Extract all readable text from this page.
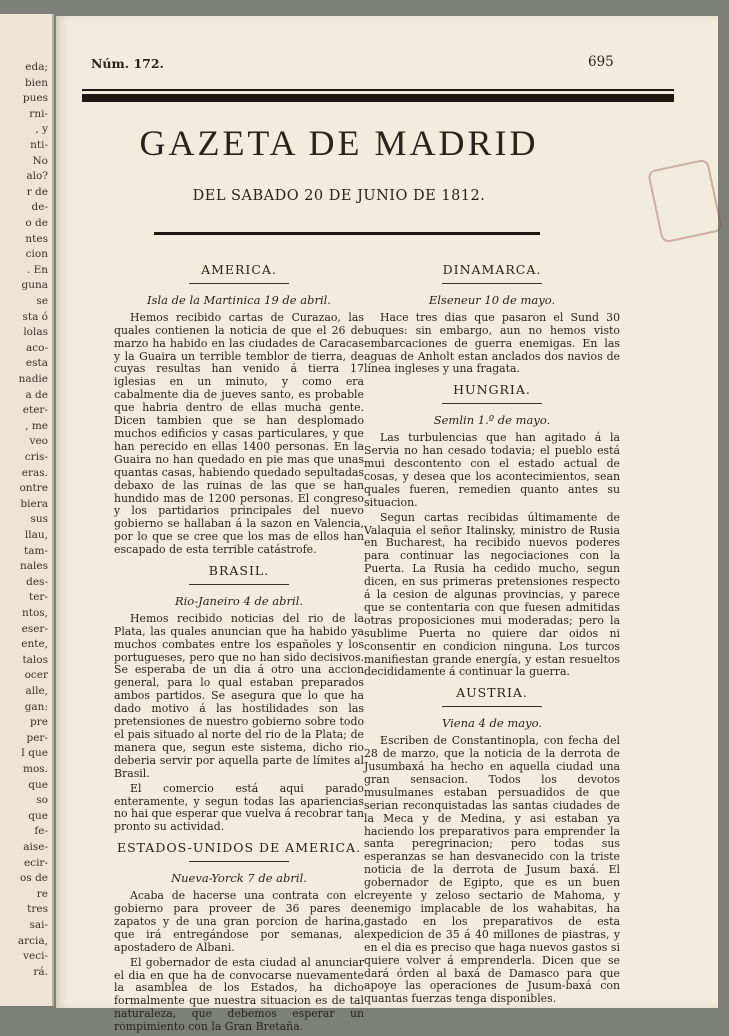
eda;
bien
pues
rni-
, y
nti-
No
alo?
r de
de-
o de
ntes
cion
. En
guna
se
sta ó
lolas
aco-
esta
nadie
a de
eter-
, me
veo
cris-
eras.
ontre
biera
sus
llau,
tam-
nales
des-
ter-
ntos,
eser-
ente,
talos
ocer
alle,
gan:
pre
per-
I que
mos.
que
so
que
fe-
aise-
ecir-
os de
re
tres
sai-
arcia,
veci-
rá.
Núm. 172.	695
GAZETA DE MADRID
DEL SABADO 20 DE JUNIO DE 1812.
AMERICA.
Isla de la Martinica 19 de abril.

Hemos recibido cartas de Curazao, las quales contienen la noticia de que el 26 de marzo ha habido en las ciudades de Caracas y la Guaira un terrible temblor de tierra, de cuyas resultas han venido á tierra 17 iglesias en un minuto, y como era cabalmente dia de jueves santo, es probable que habria dentro de ellas mucha gente. Dicen tambien que se han desplomado muchos edificios y casas particulares, y que han perecido en ellas 1400 personas. En la Guaira no han quedado en pie mas que unas quantas casas, habiendo quedado sepultadas debaxo de las ruinas de las que se han hundido mas de 1200 personas. El congreso y los partidarios principales del nuevo gobierno se hallaban á la sazon en Valencia, por lo que se cree que los mas de ellos han escapado de esta terrible catástrofe.

BRASIL.
Rio-Janeiro 4 de abril.

Hemos recibido noticias del rio de la Plata, las quales anuncian que ha habido ya muchos combates entre los españoles y los portugueses, pero que no han sido decisivos. Se esperaba de un dia á otro una accion general, para lo qual estaban preparados ambos partidos. Se asegura que lo que ha dado motivo á las hostilidades son las pretensiones de nuestro gobierno sobre todo el pais situado al norte del rio de la Plata; de manera que, segun este sistema, dicho rio deberia servir por aquella parte de límites al Brasil.

El comercio está aqui parado enteramente, y segun todas las apariencias no hai que esperar que vuelva á recobrar tan pronto su actividad.

ESTADOS-UNIDOS DE AMERICA.
Nueva-Yorck 7 de abril.

Acaba de hacerse una contrata con el gobierno para proveer de 36 pares de zapatos y de una gran porcion de harina, que irá entregándose por semanas, al apostadero de Albani.

El gobernador de esta ciudad al anunciar el dia en que ha de convocarse nuevamente la asamblea de los Estados, ha dicho formalmente que nuestra situacion es de tal naturaleza, que debemos esperar un rompimiento con la Gran Bretaña.

DINAMARCA.
Elseneur 10 de mayo.

Hace tres dias que pasaron el Sund 30 buques: sin embargo, aun no hemos visto embarcaciones de guerra enemigas. En las aguas de Anholt estan anclados dos navios de línea ingleses y una fragata.

HUNGRIA.
Semlin 1.º de mayo.

Las turbulencias que han agitado á la Servia no han cesado todavia; el pueblo está mui descontento con el estado actual de cosas, y desea que los acontecimientos, sean quales fueren, remedien quanto antes su situacion.

Segun cartas recibidas últimamente de Valaquia el señor Italinsky, ministro de Rusia en Bucharest, ha recibido nuevos poderes para continuar las negociaciones con la Puerta. La Rusia ha cedido mucho, segun dicen, en sus primeras pretensiones respecto á la cesion de algunas provincias, y parece que se contentaria con que fuesen admitidas otras proposiciones mui moderadas; pero la sublime Puerta no quiere dar oidos ni consentir en condicion ninguna. Los turcos manifiestan grande energía, y estan resueltos decididamente á continuar la guerra.

AUSTRIA.
Viena 4 de mayo.

Escriben de Constantinopla, con fecha del 28 de marzo, que la noticia de la derrota de Jusumbaxá ha hecho en aquella ciudad una gran sensacion. Todos los devotos musulmanes estaban persuadidos de que serian reconquistadas las santas ciudades de la Meca y de Medina, y asi estaban ya haciendo los preparativos para emprender la santa peregrinacion; pero todas sus esperanzas se han desvanecido con la triste noticia de la derrota de Jusum baxá. El gobernador de Egipto, que es un buen creyente y zeloso sectario de Mahoma, y enemigo implacable de los wahabitas, ha gastado en los preparativos de esta expedicion de 35 á 40 millones de piastras, y en el dia es preciso que haga nuevos gastos si quiere volver á emprenderla. Dicen que se dará órden al baxá de Damasco para que apoye las operaciones de Jusum-baxá con quantas fuerzas tenga disponibles.
